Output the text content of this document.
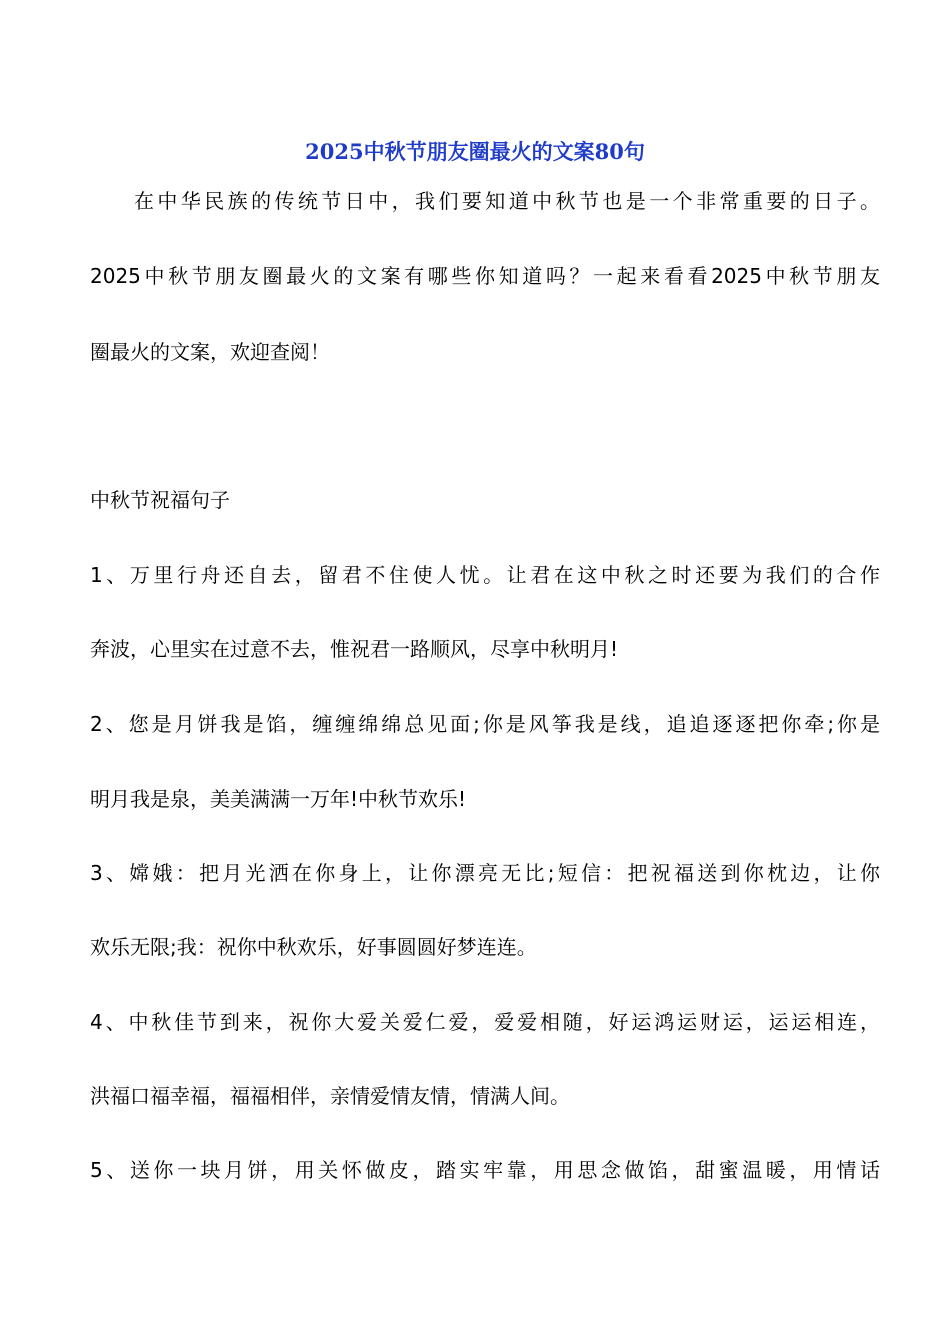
2025中秋节朋友圈最火的文案80句
在中华民族的传统节日中，我们要知道中秋节也是一个非常重要的日子。
2025中秋节朋友圈最火的文案有哪些你知道吗？一起来看看2025中秋节朋友
圈最火的文案，欢迎查阅！
中秋节祝福句子
1、万里行舟还自去，留君不住使人忧。让君在这中秋之时还要为我们的合作
奔波，心里实在过意不去，惟祝君一路顺风，尽享中秋明月!
2、您是月饼我是馅，缠缠绵绵总见面;你是风筝我是线，追追逐逐把你牵;你是
明月我是泉，美美满满一万年!中秋节欢乐!
3、嫦娥：把月光洒在你身上，让你漂亮无比;短信：把祝福送到你枕边，让你
欢乐无限;我：祝你中秋欢乐，好事圆圆好梦连连。
4、中秋佳节到来，祝你大爱关爱仁爱，爱爱相随，好运鸿运财运，运运相连，
洪福口福幸福，福福相伴，亲情爱情友情，情满人间。
5、送你一块月饼，用关怀做皮，踏实牢靠，用思念做馅，甜蜜温暖，用情话
